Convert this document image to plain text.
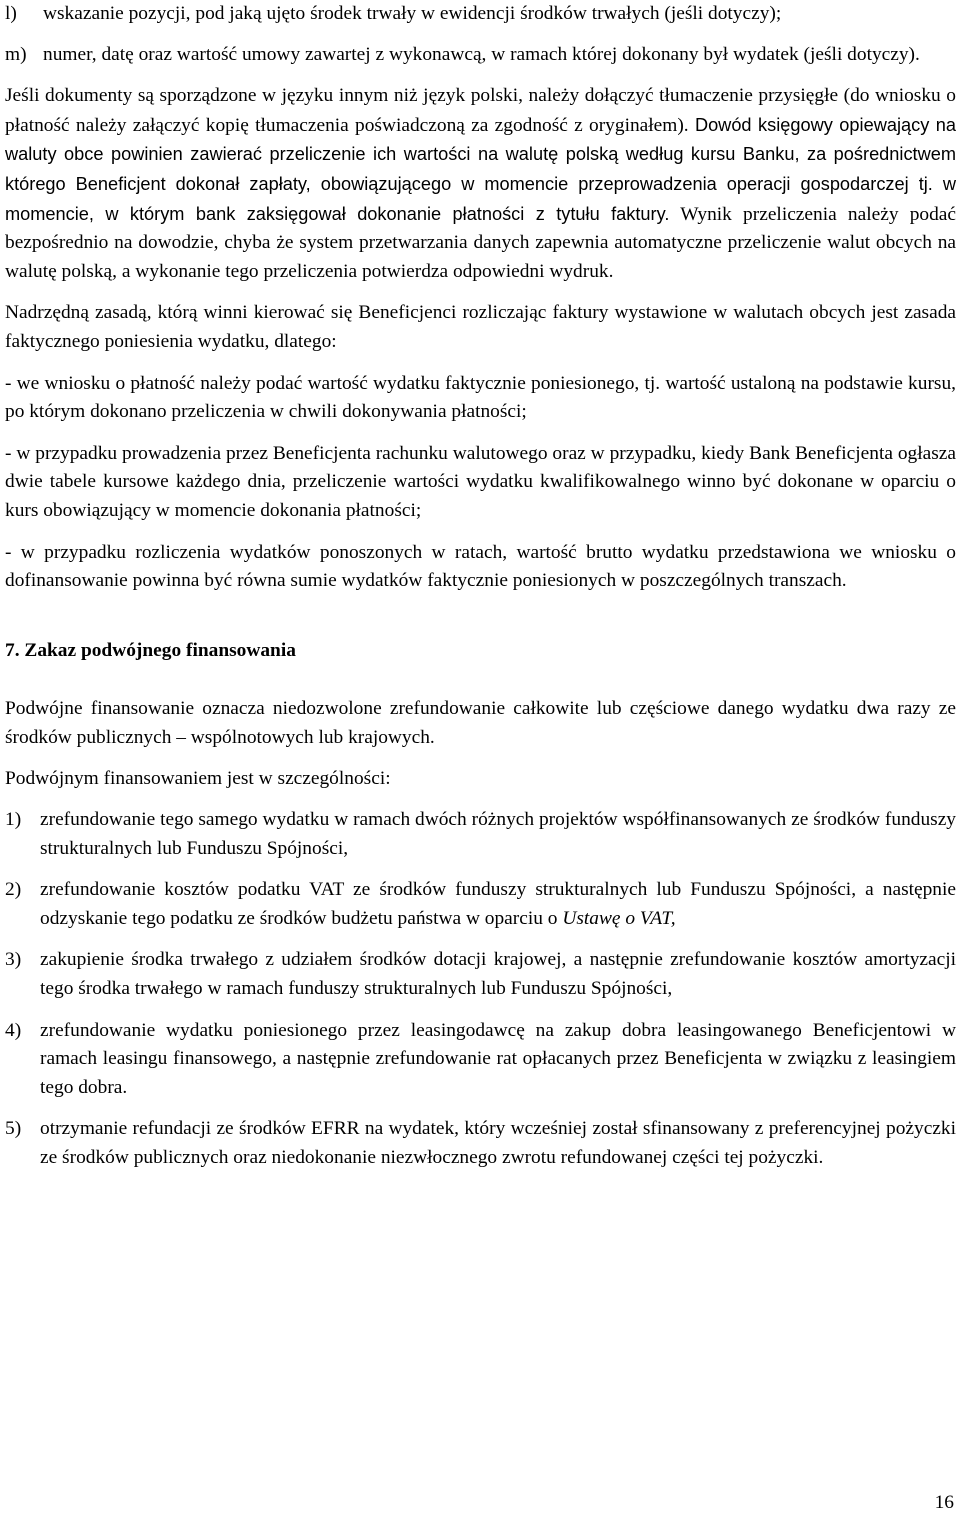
l)	wskazanie pozycji, pod jaką ujęto środek trwały w ewidencji środków trwałych (jeśli dotyczy);
m) numer, datę oraz wartość umowy zawartej z wykonawcą, w ramach której dokonany był wydatek (jeśli dotyczy).

Jeśli dokumenty są sporządzone w języku innym niż język polski, należy dołączyć tłumaczenie przysięgłe (do wniosku o płatność należy załączyć kopię tłumaczenia poświadczoną za zgodność z oryginałem). Dowód księgowy opiewający na waluty obce powinien zawierać przeliczenie ich wartości na walutę polską według kursu Banku, za pośrednictwem którego Beneficjent dokonał zapłaty, obowiązującego w momencie przeprowadzenia operacji gospodarczej tj. w momencie, w którym bank zaksięgował dokonanie płatności z tytułu faktury. Wynik przeliczenia należy podać bezpośrednio na dowodzie, chyba że system przetwarzania danych zapewnia automatyczne przeliczenie walut obcych na walutę polską, a wykonanie tego przeliczenia potwierdza odpowiedni wydruk.

Nadrzędną zasadą, którą winni kierować się Beneficjenci rozliczając faktury wystawione w walutach obcych jest zasada faktycznego poniesienia wydatku, dlatego:

- we wniosku o płatność należy podać wartość wydatku faktycznie poniesionego, tj. wartość ustaloną na podstawie kursu, po którym dokonano przeliczenia w chwili dokonywania płatności;

- w przypadku prowadzenia przez Beneficjenta rachunku walutowego oraz w przypadku, kiedy Bank Beneficjenta ogłasza dwie tabele kursowe każdego dnia, przeliczenie wartości wydatku kwalifikowalnego winno być dokonane w oparciu o kurs obowiązujący w momencie dokonania płatności;

- w przypadku rozliczenia wydatków ponoszonych w ratach, wartość brutto wydatku przedstawiona we wniosku o dofinansowanie powinna być równa sumie wydatków faktycznie poniesionych w poszczególnych transzach.

7. Zakaz podwójnego finansowania

Podwójne finansowanie oznacza niedozwolone zrefundowanie całkowite lub częściowe danego wydatku dwa razy ze środków publicznych – wspólnotowych lub krajowych.

Podwójnym finansowaniem jest w szczególności:

1) zrefundowanie tego samego wydatku w ramach dwóch różnych projektów współfinansowanych ze środków funduszy strukturalnych lub Funduszu Spójności,
2) zrefundowanie kosztów podatku VAT ze środków funduszy strukturalnych lub Funduszu Spójności, a następnie odzyskanie tego podatku ze środków budżetu państwa w oparciu o Ustawę o VAT,
3) zakupienie środka trwałego z udziałem środków dotacji krajowej, a następnie zrefundowanie kosztów amortyzacji tego środka trwałego w ramach funduszy strukturalnych lub Funduszu Spójności,
4) zrefundowanie wydatku poniesionego przez leasingodawcę na zakup dobra leasingowanego Beneficjentowi w ramach leasingu finansowego, a następnie zrefundowanie rat opłacanych przez Beneficjenta w związku z leasingiem tego dobra.
5) otrzymanie refundacji ze środków EFRR na wydatek, który wcześniej został sfinansowany z preferencyjnej pożyczki ze środków publicznych oraz niedokonanie niezwłocznego zwrotu refundowanej części tej pożyczki.
16
